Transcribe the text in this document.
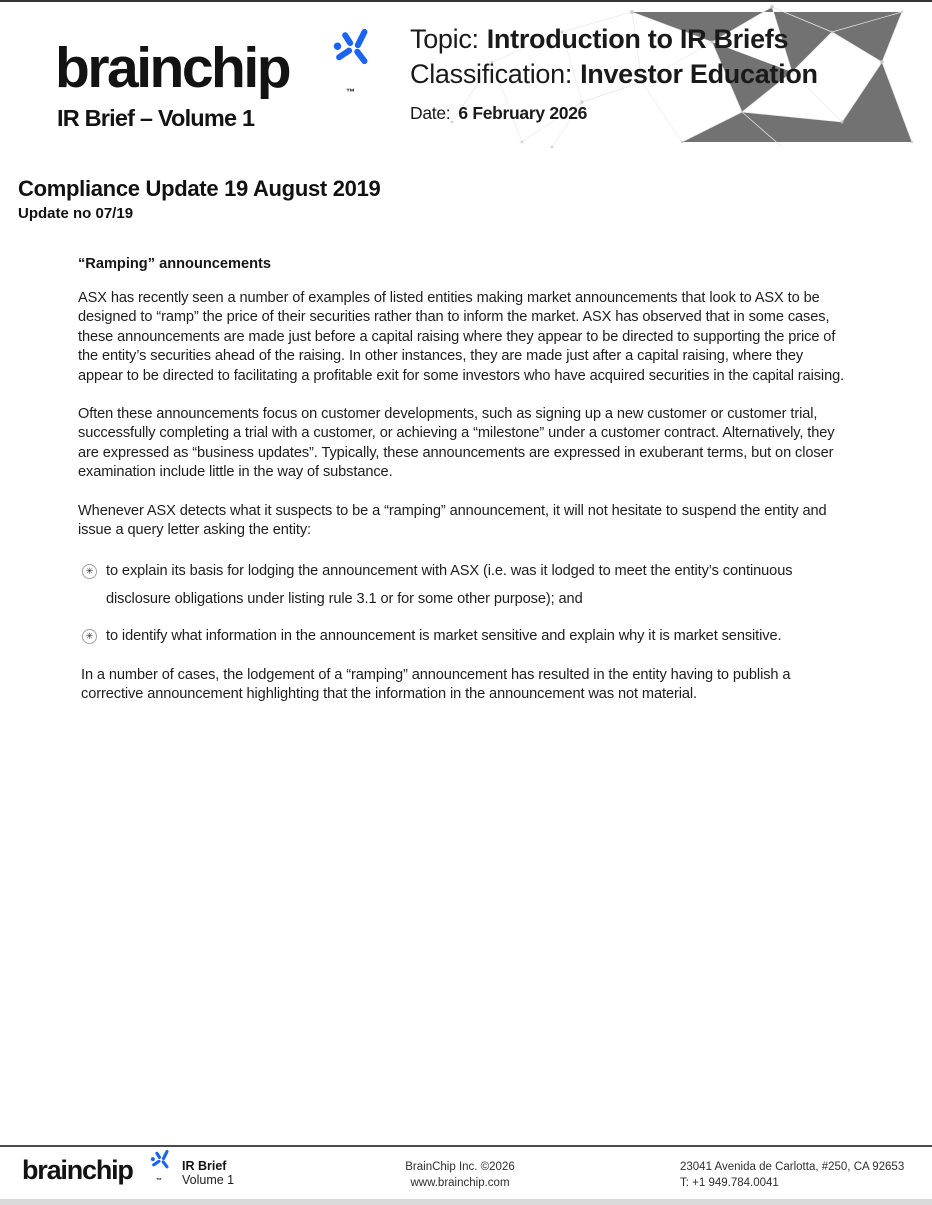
brainchip	™
IR Brief – Volume 1
Topic: Introduction to IR Briefs
Classification: Investor Education
Date: 6 February 2026
Compliance Update 19 August 2019
Update no 07/19
“Ramping” announcements

ASX has recently seen a number of examples of listed entities making market announcements that look to ASX to be designed to “ramp” the price of their securities rather than to inform the market. ASX has observed that in some cases, these announcements are made just before a capital raising where they appear to be directed to supporting the price of the entity’s securities ahead of the raising. In other instances, they are made just after a capital raising, where they appear to be directed to facilitating a profitable exit for some investors who have acquired securities in the capital raising.

Often these announcements focus on customer developments, such as signing up a new customer or customer trial, successfully completing a trial with a customer, or achieving a “milestone” under a customer contract. Alternatively, they are expressed as “business updates”. Typically, these announcements are expressed in exuberant terms, but on closer examination include little in the way of substance.

Whenever ASX detects what it suspects to be a “ramping” announcement, it will not hesitate to suspend the entity and issue a query letter asking the entity:

✳ to explain its basis for lodging the announcement with ASX (i.e. was it lodged to meet the entity’s continuous disclosure obligations under listing rule 3.1 or for some other purpose); and
✳ to identify what information in the announcement is market sensitive and explain why it is market sensitive.

In a number of cases, the lodgement of a “ramping” announcement has resulted in the entity having to publish a corrective announcement highlighting that the information in the announcement was not material.

brainchip	™
IR Brief
Volume 1
BrainChip Inc. ©2026
www.brainchip.com
23041 Avenida de Carlotta, #250, CA 92653
T: +1 949.784.0041
